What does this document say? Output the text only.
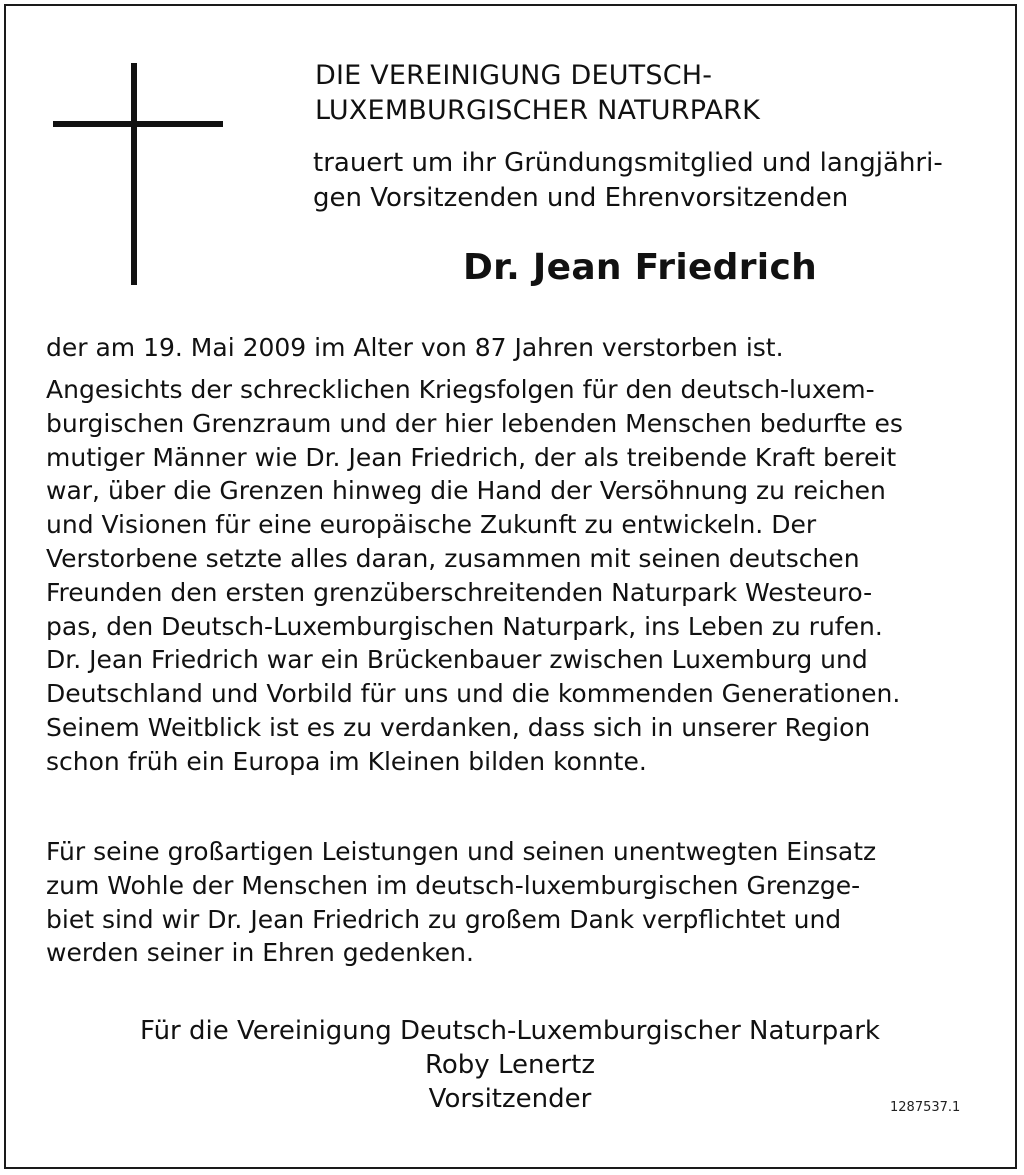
DIE VEREINIGUNG DEUTSCH-
LUXEMBURGISCHER NATURPARK
trauert um ihr Gründungsmitglied und langjähri-
gen Vorsitzenden und Ehrenvorsitzenden
Dr. Jean Friedrich
der am 19. Mai 2009 im Alter von 87 Jahren verstorben ist.
Angesichts der schrecklichen Kriegsfolgen für den deutsch-luxem-
burgischen Grenzraum und der hier lebenden Menschen bedurfte es
mutiger Männer wie Dr. Jean Friedrich, der als treibende Kraft bereit
war, über die Grenzen hinweg die Hand der Versöhnung zu reichen
und Visionen für eine europäische Zukunft zu entwickeln. Der
Verstorbene setzte alles daran, zusammen mit seinen deutschen
Freunden den ersten grenzüberschreitenden Naturpark Westeuro-
pas, den Deutsch-Luxemburgischen Naturpark, ins Leben zu rufen.
Dr. Jean Friedrich war ein Brückenbauer zwischen Luxemburg und
Deutschland und Vorbild für uns und die kommenden Generationen.
Seinem Weitblick ist es zu verdanken, dass sich in unserer Region
schon früh ein Europa im Kleinen bilden konnte.
Für seine großartigen Leistungen und seinen unentwegten Einsatz
zum Wohle der Menschen im deutsch-luxemburgischen Grenzge-
biet sind wir Dr. Jean Friedrich zu großem Dank verpflichtet und
werden seiner in Ehren gedenken.
Für die Vereinigung Deutsch-Luxemburgischer Naturpark
Roby Lenertz
Vorsitzender	1287537.1
